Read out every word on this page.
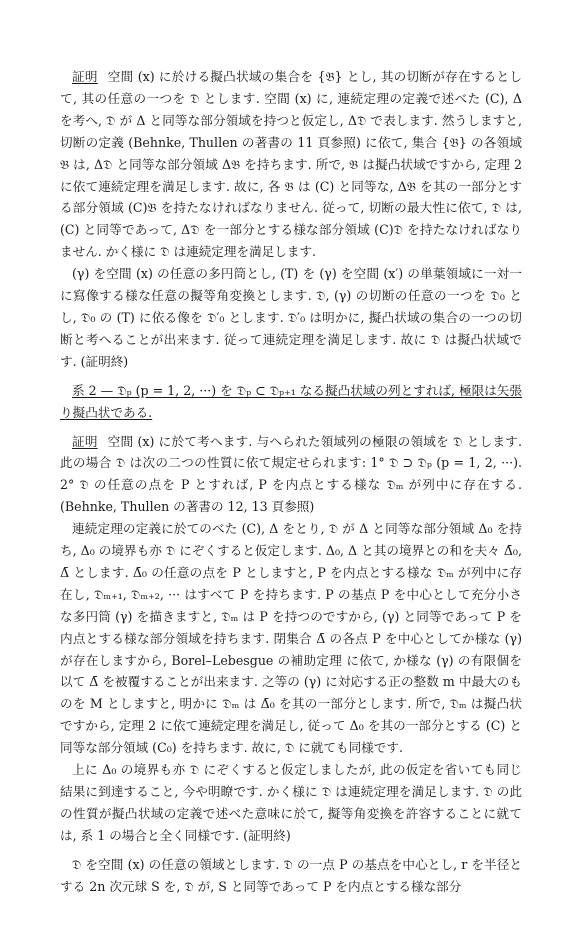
証明 空間 (x) に於ける擬凸状域の集合を {𝔅} とし, 其の切断が存在するとして, 其の任意の一つを 𝔇 とします. 空間 (x) に, 連続定理の定義で述べた (C), Δ を考へ, 𝔇 が Δ と同等な部分領域を持つと仮定し, Δ𝔇 で表します. 然うしますと, 切断の定義 (Behnke, Thullen の著書の 11 頁参照) に依て, 集合 {𝔅} の各領域 𝔅 は, Δ𝔇 と同等な部分領域 Δ𝔅 を持ちます. 所で, 𝔅 は擬凸状域ですから, 定理 2 に依て連続定理を満足します. 故に, 各 𝔅 は (C) と同等な, Δ𝔅 を其の一部分とする部分領域 (C)𝔅 を持たなければなりません. 従って, 切断の最大性に依て, 𝔇 は, (C) と同等であって, Δ𝔇 を一部分とする様な部分領域 (C)𝔇 を持たなければなりません. かく様に 𝔇 は連続定理を満足します.

(γ) を空間 (x) の任意の多円筒とし, (T) を (γ) を空間 (x′) の単葉領域に一対一に寫像する様な任意の擬等角変換とします. 𝔇, (γ) の切断の任意の一つを 𝔇₀ とし, 𝔇₀ の (T) に依る像を 𝔇′₀ とします. 𝔇′₀ は明かに, 擬凸状域の集合の一つの切断と考へることが出来ます. 従って連続定理を満足します. 故に 𝔇 は擬凸状域です. (証明終)

系 2 — 𝔇ₚ (p = 1, 2, ···) を 𝔇ₚ ⊂ 𝔇ₚ₊₁ なる擬凸状域の列とすれば, 極限は矢張り擬凸状である.

証明 空間 (x) に於て考へます. 与へられた領域列の極限の領域を 𝔇 とします. 此の場合 𝔇 は次の二つの性質に依て規定せられます: 1° 𝔇 ⊃ 𝔇ₚ (p = 1, 2, ···). 2° 𝔇 の任意の点を P とすれば, P を内点とする様な 𝔇ₘ が列中に存在する. (Behnke, Thullen の著書の 12, 13 頁参照)

連続定理の定義に於てのべた (C), Δ をとり, 𝔇 が Δ と同等な部分領域 Δ₀ を持ち, Δ₀ の境界も亦 𝔇 にぞくすると仮定します. Δ₀, Δ と其の境界との和を夫々 Δ̄₀, Δ̄ とします. Δ̄₀ の任意の点を P としますと, P を内点とする様な 𝔇ₘ が列中に存在し, 𝔇ₘ₊₁, 𝔇ₘ₊₂, ··· はすべて P を持ちます. P の基点 P を中心として充分小さな多円筒 (γ) を描きますと, 𝔇ₘ は P を持つのですから, (γ) と同等であって P を内点とする様な部分領域を持ちます. 閉集合 Δ̄ の各点 P を中心としてか様な (γ) が存在しますから, Borel–Lebesgue の補助定理 に依て, か様な (γ) の有限個を以て Δ̄ を被覆することが出来ます. 之等の (γ) に対応する正の整数 m 中最大のものを M としますと, 明かに 𝔇ₘ は Δ̄₀ を其の一部分とします. 所で, 𝔇ₘ は擬凸状ですから, 定理 2 に依て連続定理を満足し, 従って Δ₀ を其の一部分とする (C) と同等な部分領域 (C₀) を持ちます. 故に, 𝔇 に就ても同様です.

上に Δ₀ の境界も亦 𝔇 にぞくすると仮定しましたが, 此の仮定を省いても同じ結果に到達すること, 今や明瞭です. かく様に 𝔇 は連続定理を満足します. 𝔇 の此の性質が擬凸状域の定義で述べた意味に於て, 擬等角変換を許容することに就ては, 系 1 の場合と全く同様です. (証明終)

𝔇 を空間 (x) の任意の領域とします. 𝔇 の一点 P の基点を中心とし, r を半径とする 2n 次元球 S を, 𝔇 が, S と同等であって P を内点とする様な部分
